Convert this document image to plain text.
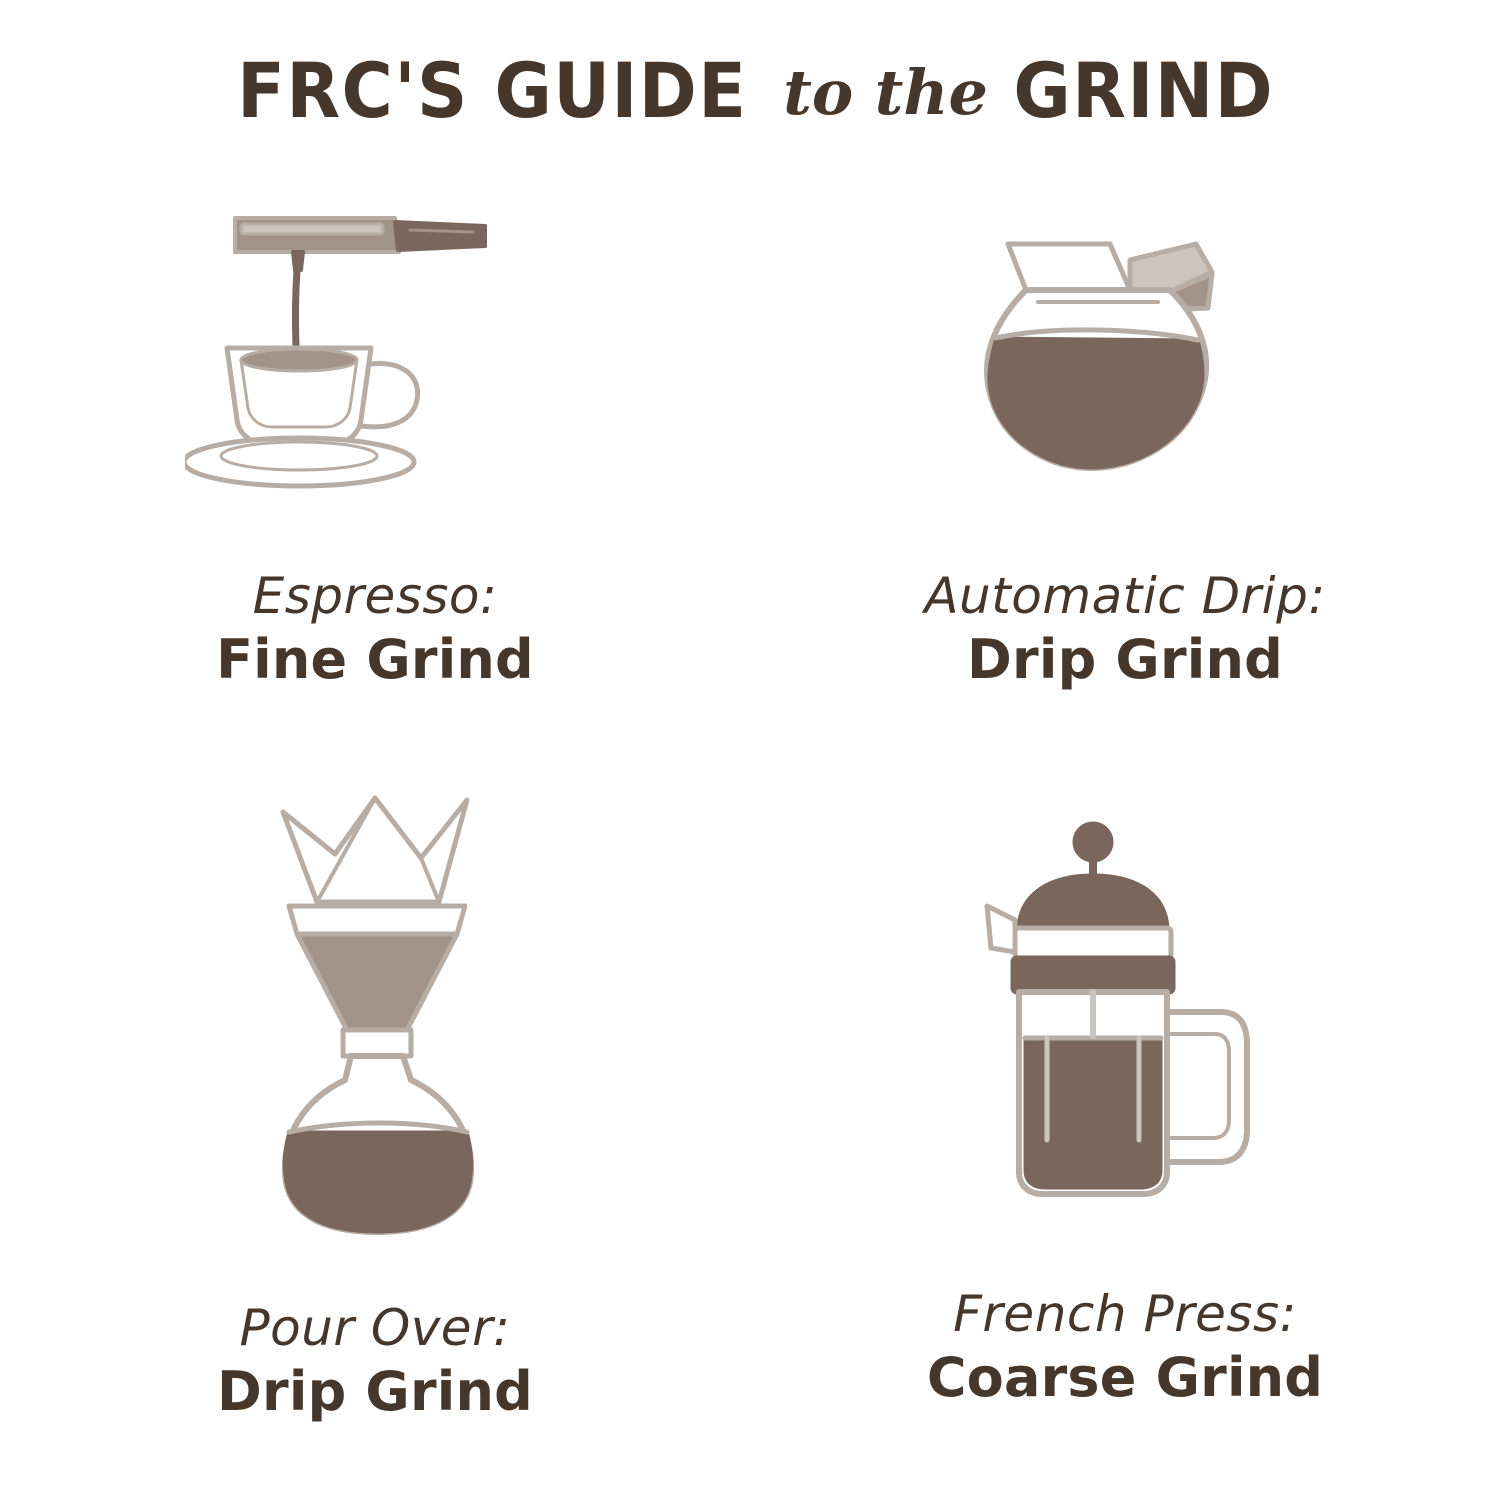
FRC'S GUIDE to the GRIND
Espresso:
Fine Grind
Automatic Drip:
Drip Grind
Pour Over:
Drip Grind
French Press:
Coarse Grind
